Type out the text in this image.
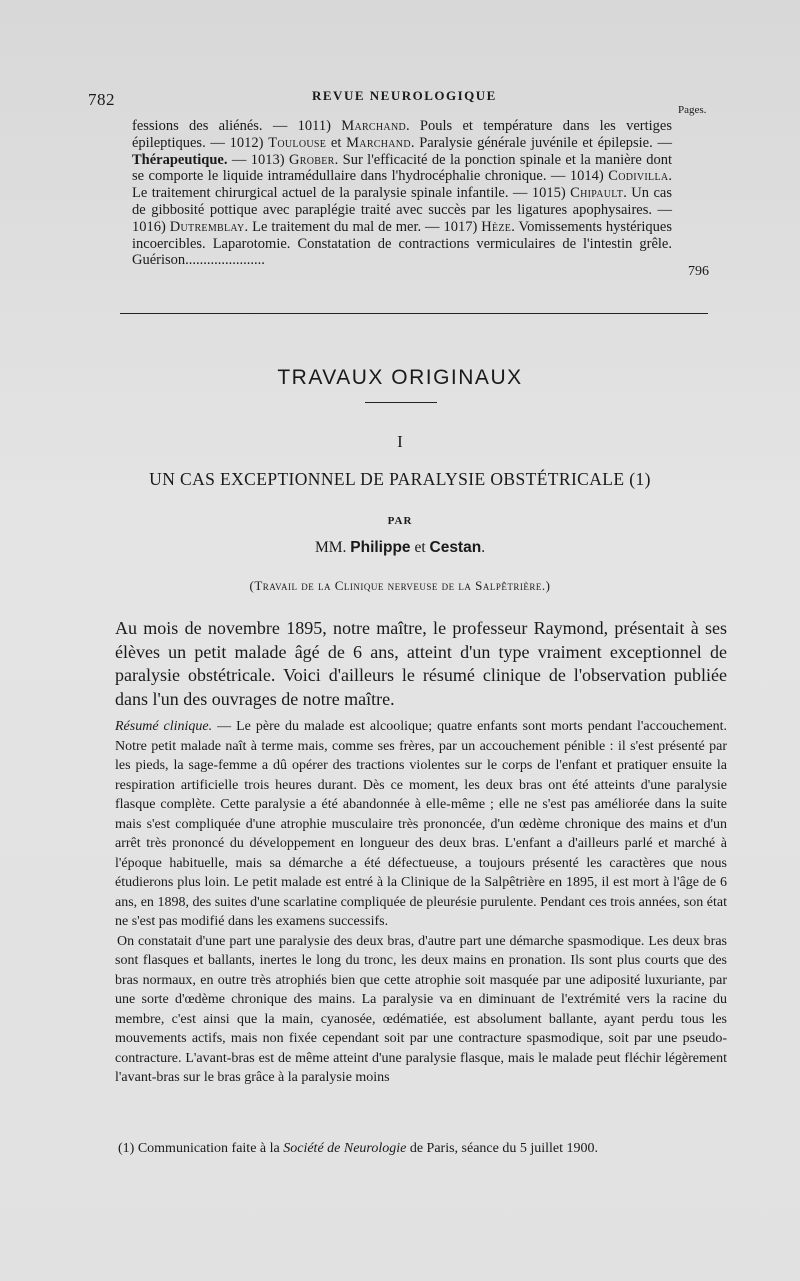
782	REVUE NEUROLOGIQUE
Pages.
fessions des aliénés. — 1011) Marchand. Pouls et température dans les vertiges épileptiques. — 1012) Toulouse et Marchand. Paralysie générale juvénile et épilepsie. — Thérapeutique. — 1013) Grober. Sur l'efficacité de la ponction spinale et la manière dont se comporte le liquide intramédullaire dans l'hydrocéphalie chronique. — 1014) Codivilla. Le traitement chirurgical actuel de la paralysie spinale infantile. — 1015) Chipault. Un cas de gibbosité pottique avec paraplégie traité avec succès par les ligatures apophysaires. — 1016) Dutremblay. Le traitement du mal de mer. — 1017) Hèze. Vomissements hystériques incoercibles. Laparotomie. Constatation de contractions vermiculaires de l'intestin grêle. Guérison......................
796
TRAVAUX ORIGINAUX
I
UN CAS EXCEPTIONNEL DE PARALYSIE OBSTÉTRICALE (1)
PAR
MM. Philippe et Cestan.
(Travail de la Clinique nerveuse de la Salpêtrière.)
Au mois de novembre 1895, notre maître, le professeur Raymond, présentait à ses élèves un petit malade âgé de 6 ans, atteint d'un type vraiment exceptionnel de paralysie obstétricale. Voici d'ailleurs le résumé clinique de l'observation publiée dans l'un des ouvrages de notre maître.

Résumé clinique. — Le père du malade est alcoolique; quatre enfants sont morts pendant l'accouchement. Notre petit malade naît à terme mais, comme ses frères, par un accouchement pénible : il s'est présenté par les pieds, la sage-femme a dû opérer des tractions violentes sur le corps de l'enfant et pratiquer ensuite la respiration artificielle trois heures durant. Dès ce moment, les deux bras ont été atteints d'une paralysie flasque complète. Cette paralysie a été abandonnée à elle-même ; elle ne s'est pas améliorée dans la suite mais s'est compliquée d'une atrophie musculaire très prononcée, d'un œdème chronique des mains et d'un arrêt très prononcé du développement en longueur des deux bras. L'enfant a d'ailleurs parlé et marché à l'époque habituelle, mais sa démarche a été défectueuse, a toujours présenté les caractères que nous étudierons plus loin. Le petit malade est entré à la Clinique de la Salpêtrière en 1895, il est mort à l'âge de 6 ans, en 1898, des suites d'une scarlatine compliquée de pleurésie purulente. Pendant ces trois années, son état ne s'est pas modifié dans les examens successifs.

On constatait d'une part une paralysie des deux bras, d'autre part une démarche spasmodique. Les deux bras sont flasques et ballants, inertes le long du tronc, les deux mains en pronation. Ils sont plus courts que des bras normaux, en outre très atrophiés bien que cette atrophie soit masquée par une adiposité luxuriante, par une sorte d'œdème chronique des mains. La paralysie va en diminuant de l'extrémité vers la racine du membre, c'est ainsi que la main, cyanosée, œdématiée, est absolument ballante, ayant perdu tous les mouvements actifs, mais non fixée cependant soit par une contracture spasmodique, soit par une pseudo-contracture. L'avant-bras est de même atteint d'une paralysie flasque, mais le malade peut fléchir légèrement l'avant-bras sur le bras grâce à la paralysie moins

(1) Communication faite à la Société de Neurologie de Paris, séance du 5 juillet 1900.
